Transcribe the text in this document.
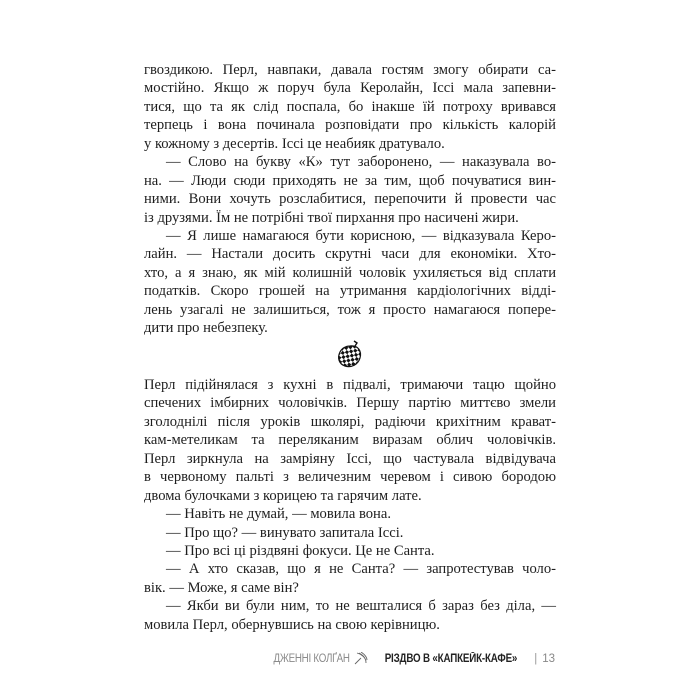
гвоздикою. Перл, навпаки, давала гостям змогу обирати са-
мостійно. Якщо ж поруч була Керолайн, Іссі мала запевни-
тися, що та як слід поспала, бо інакше їй потроху вривався
терпець і вона починала розповідати про кількість калорій
у кожному з десертів. Іссі це неабияк дратувало.
— Слово на букву «К» тут заборонено, — наказувала во-
на. — Люди сюди приходять не за тим, щоб почуватися вин-
ними. Вони хочуть розслабитися, перепочити й провести час
із друзями. Їм не потрібні твої пирхання про насичені жири.
— Я лише намагаюся бути корисною, — відказувала Керо-
лайн. — Настали досить скрутні часи для економіки. Хто-
хто, а я знаю, як мій колишній чоловік ухиляється від сплати
податків. Скоро грошей на утримання кардіологічних відді-
лень узагалі не залишиться, тож я просто намагаюся попере-
дити про небезпеку.
Перл підійнялася з кухні в підвалі, тримаючи тацю щойно
спечених імбирних чоловічків. Першу партію миттєво змели
зголоднілі після уроків школярі, радіючи крихітним крават-
кам-метеликам та переляканим виразам облич чоловічків.
Перл зиркнула на замріяну Іссі, що частувала відвідувача
в червоному пальті з величезним черевом і сивою бородою
двома булочками з корицею та гарячим лате.
— Навіть не думай, — мовила вона.
— Про що? — винувато запитала Іссі.
— Про всі ці різдвяні фокуси. Це не Санта.
— А хто сказав, що я не Санта? — запротестував чоло-
вік. — Може, я саме він?
— Якби ви були ним, то не вешталися б зараз без діла, —
мовила Перл, обернувшись на свою керівницю.
ДЖЕННІ КОЛҐАН	РІЗДВО В «КАПКЕЙК-КАФЕ» | 13
